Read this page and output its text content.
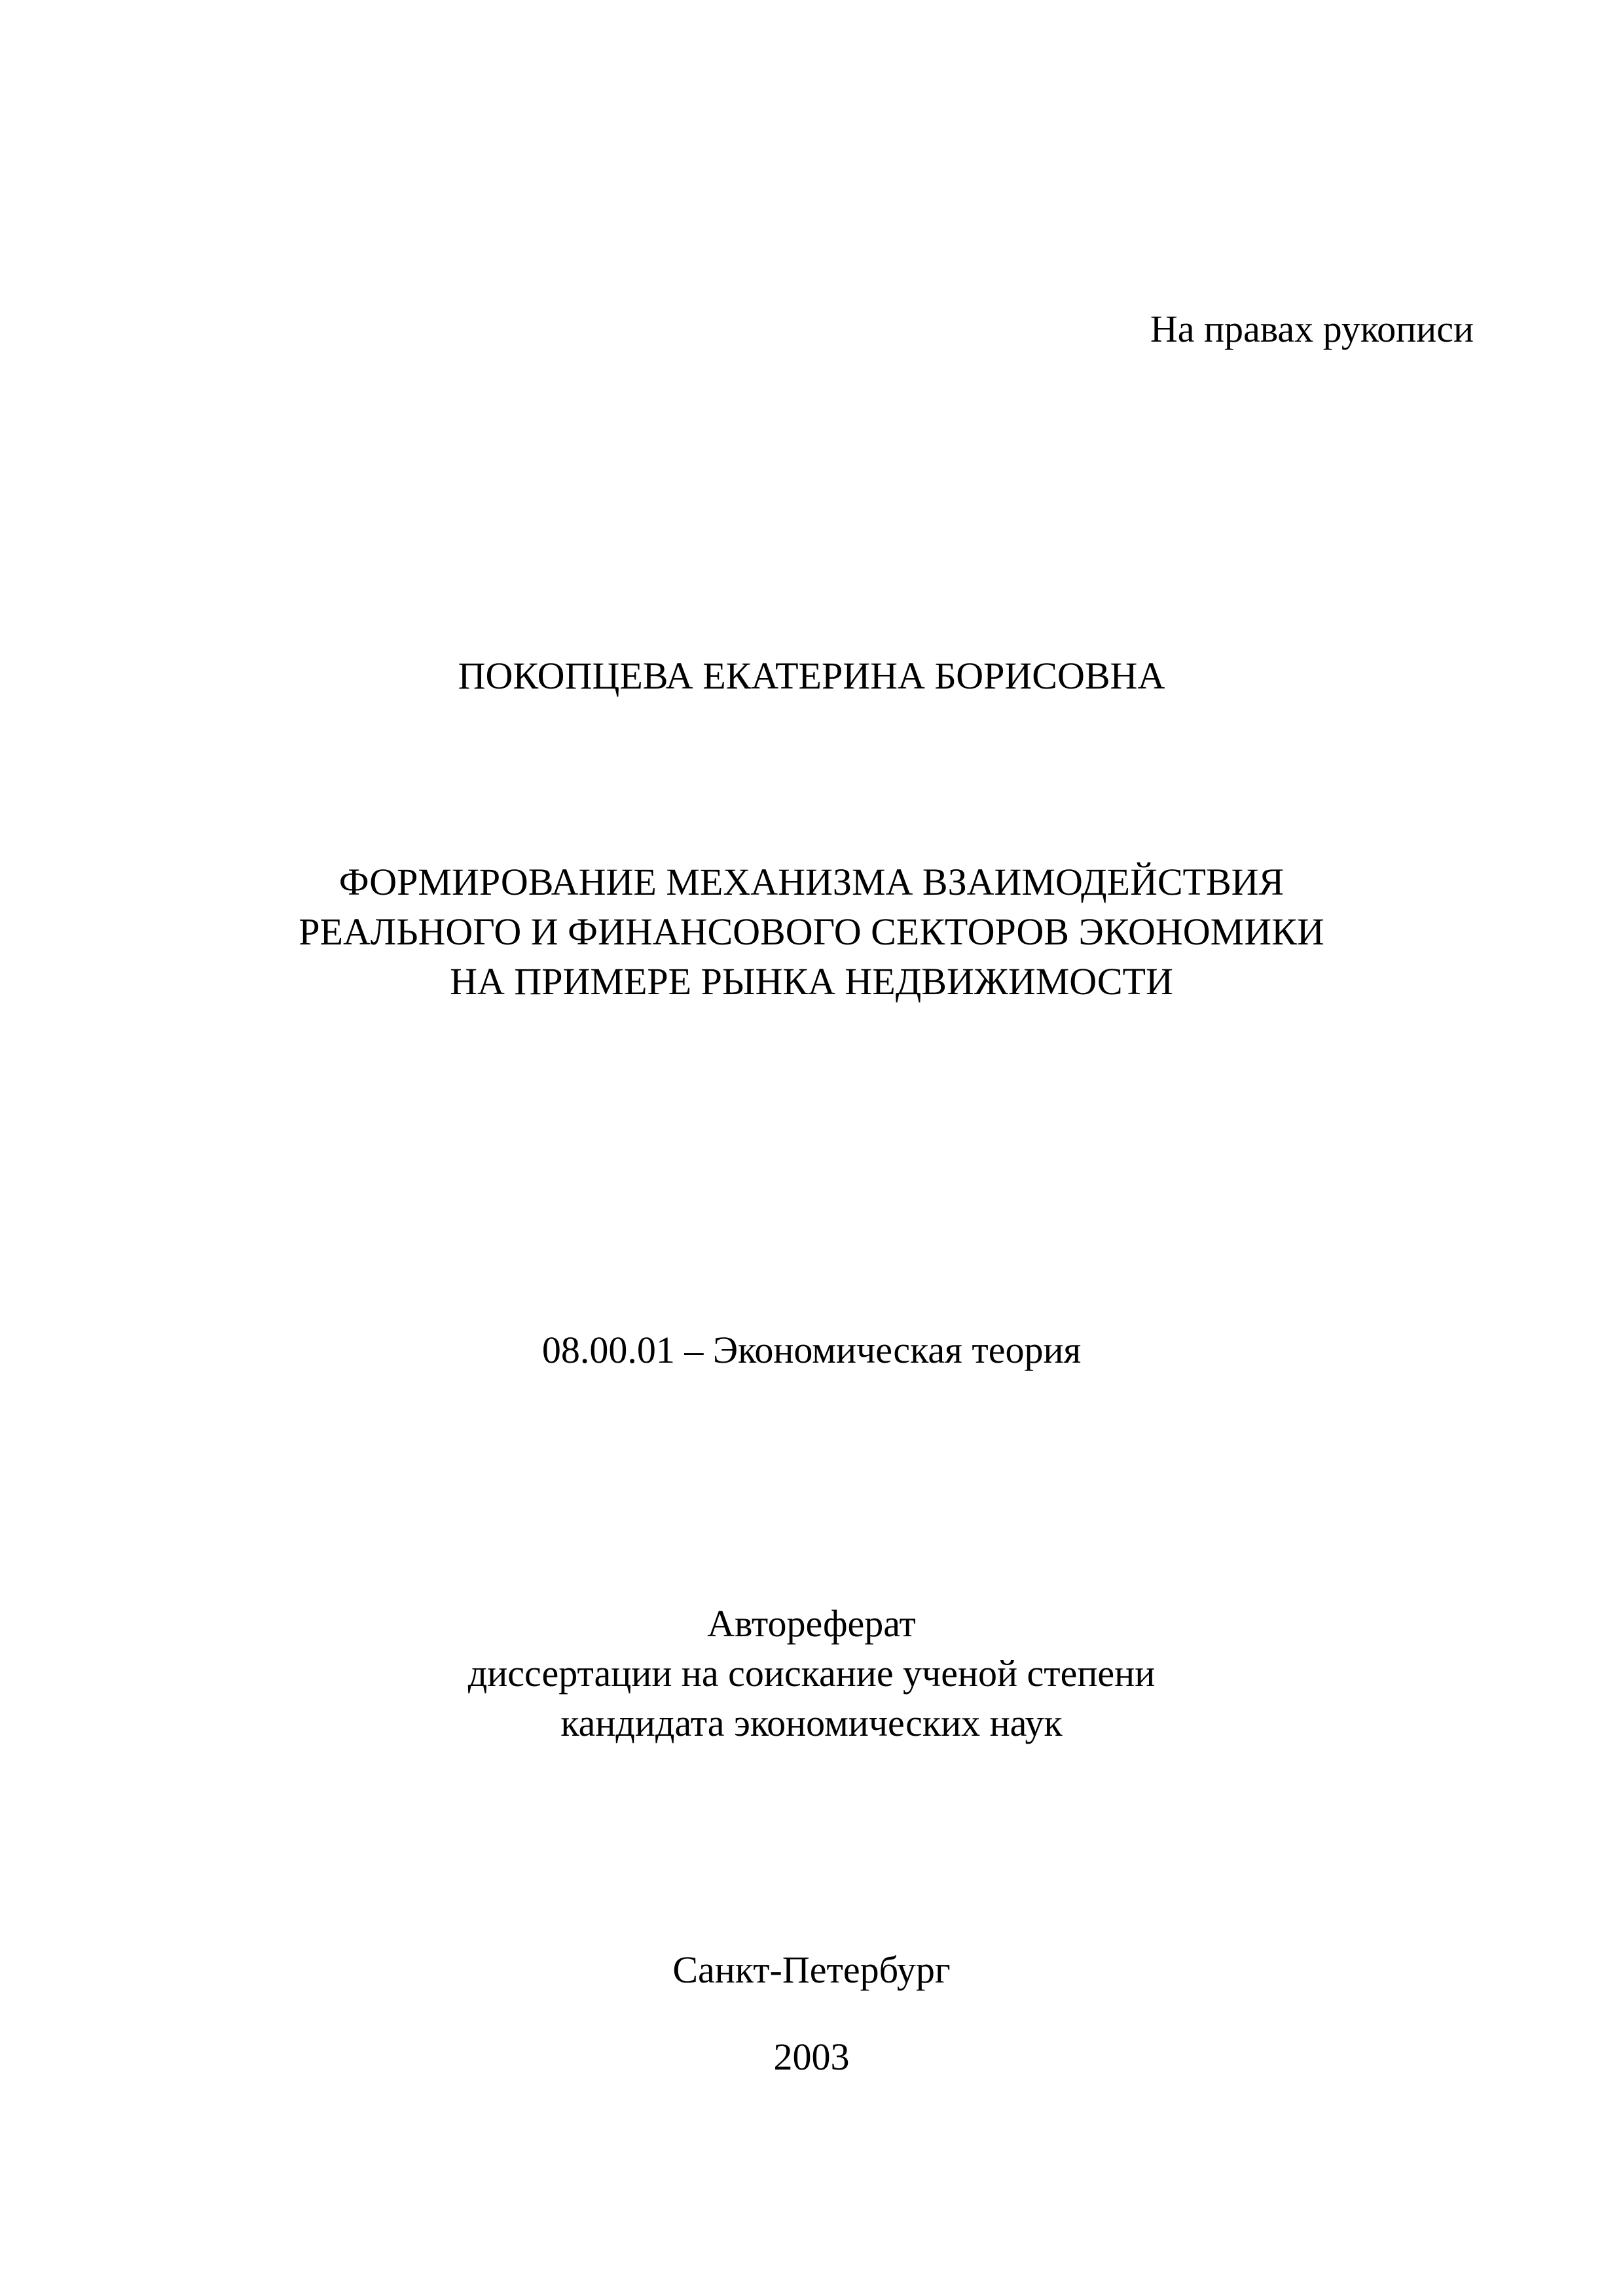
На правах рукописи
ПОКОПЦЕВА ЕКАТЕРИНА БОРИСОВНА
ФОРМИРОВАНИЕ МЕХАНИЗМА ВЗАИМОДЕЙСТВИЯ
РЕАЛЬНОГО И ФИНАНСОВОГО СЕКТОРОВ ЭКОНОМИКИ
НА ПРИМЕРЕ РЫНКА НЕДВИЖИМОСТИ
08.00.01 – Экономическая теория
Автореферат
диссертации на соискание ученой степени
кандидата экономических наук
Санкт-Петербург
2003
